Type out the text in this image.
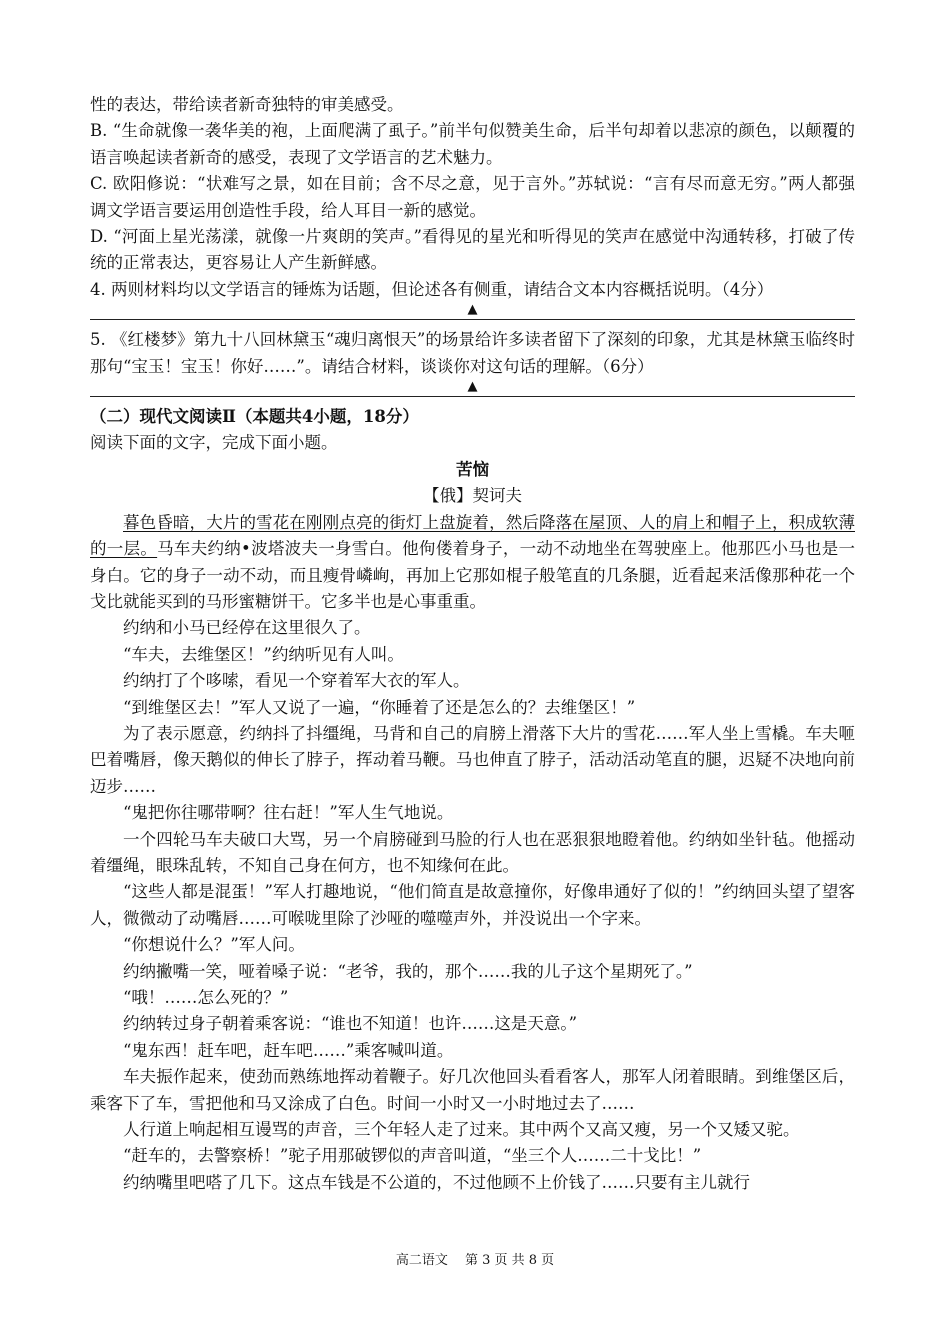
性的表达，带给读者新奇独特的审美感受。

B. “生命就像一袭华美的袍，上面爬满了虱子。”前半句似赞美生命，后半句却着以悲凉的颜色，以颠覆的语言唤起读者新奇的感受，表现了文学语言的艺术魅力。

C. 欧阳修说：“状难写之景，如在目前；含不尽之意，见于言外。”苏轼说：“言有尽而意无穷。”两人都强调文学语言要运用创造性手段，给人耳目一新的感觉。

D. “河面上星光荡漾，就像一片爽朗的笑声。”看得见的星光和听得见的笑声在感觉中沟通转移，打破了传统的正常表达，更容易让人产生新鲜感。

4. 两则材料均以文学语言的锤炼为话题，但论述各有侧重，请结合文本内容概括说明。（4分）

▲

5. 《红楼梦》第九十八回林黛玉“魂归离恨天”的场景给许多读者留下了深刻的印象，尤其是林黛玉临终时那句“宝玉！宝玉！你好……”。请结合材料，谈谈你对这句话的理解。（6分）

▲

（二）现代文阅读Ⅱ（本题共4小题，18分）

阅读下面的文字，完成下面小题。

苦恼

【俄】契诃夫

暮色昏暗，大片的雪花在刚刚点亮的街灯上盘旋着，然后降落在屋顶、人的肩上和帽子上，积成软薄的一层。马车夫约纳•波塔波夫一身雪白。他佝偻着身子，一动不动地坐在驾驶座上。他那匹小马也是一身白。它的身子一动不动，而且瘦骨嶙峋，再加上它那如棍子般笔直的几条腿，近看起来活像那种花一个戈比就能买到的马形蜜糖饼干。它多半也是心事重重。

约纳和小马已经停在这里很久了。

“车夫，去维堡区！”约纳听见有人叫。

约纳打了个哆嗦，看见一个穿着军大衣的军人。

“到维堡区去！”军人又说了一遍，“你睡着了还是怎么的？去维堡区！”

为了表示愿意，约纳抖了抖缰绳，马背和自己的肩膀上滑落下大片的雪花……军人坐上雪橇。车夫咂巴着嘴唇，像天鹅似的伸长了脖子，挥动着马鞭。马也伸直了脖子，活动活动笔直的腿，迟疑不决地向前迈步……

“鬼把你往哪带啊？往右赶！”军人生气地说。

一个四轮马车夫破口大骂，另一个肩膀碰到马脸的行人也在恶狠狠地瞪着他。约纳如坐针毡。他摇动着缰绳，眼珠乱转，不知自己身在何方，也不知缘何在此。

“这些人都是混蛋！”军人打趣地说，“他们简直是故意撞你，好像串通好了似的！”约纳回头望了望客人，微微动了动嘴唇……可喉咙里除了沙哑的噬噬声外，并没说出一个字来。

“你想说什么？”军人问。

约纳撇嘴一笑，哑着嗓子说：“老爷，我的，那个……我的儿子这个星期死了。”

“哦！……怎么死的？”

约纳转过身子朝着乘客说：“谁也不知道！也许……这是天意。”

“鬼东西！赶车吧，赶车吧……”乘客喊叫道。

车夫振作起来，使劲而熟练地挥动着鞭子。好几次他回头看看客人，那军人闭着眼睛。到维堡区后，乘客下了车，雪把他和马又涂成了白色。时间一小时又一小时地过去了……

人行道上响起相互谩骂的声音，三个年轻人走了过来。其中两个又高又瘦，另一个又矮又驼。

“赶车的，去警察桥！”驼子用那破锣似的声音叫道，“坐三个人……二十戈比！”

约纳嘴里吧嗒了几下。这点车钱是不公道的，不过他顾不上价钱了……只要有主儿就行

高二语文　 第 3 页 共 8 页
